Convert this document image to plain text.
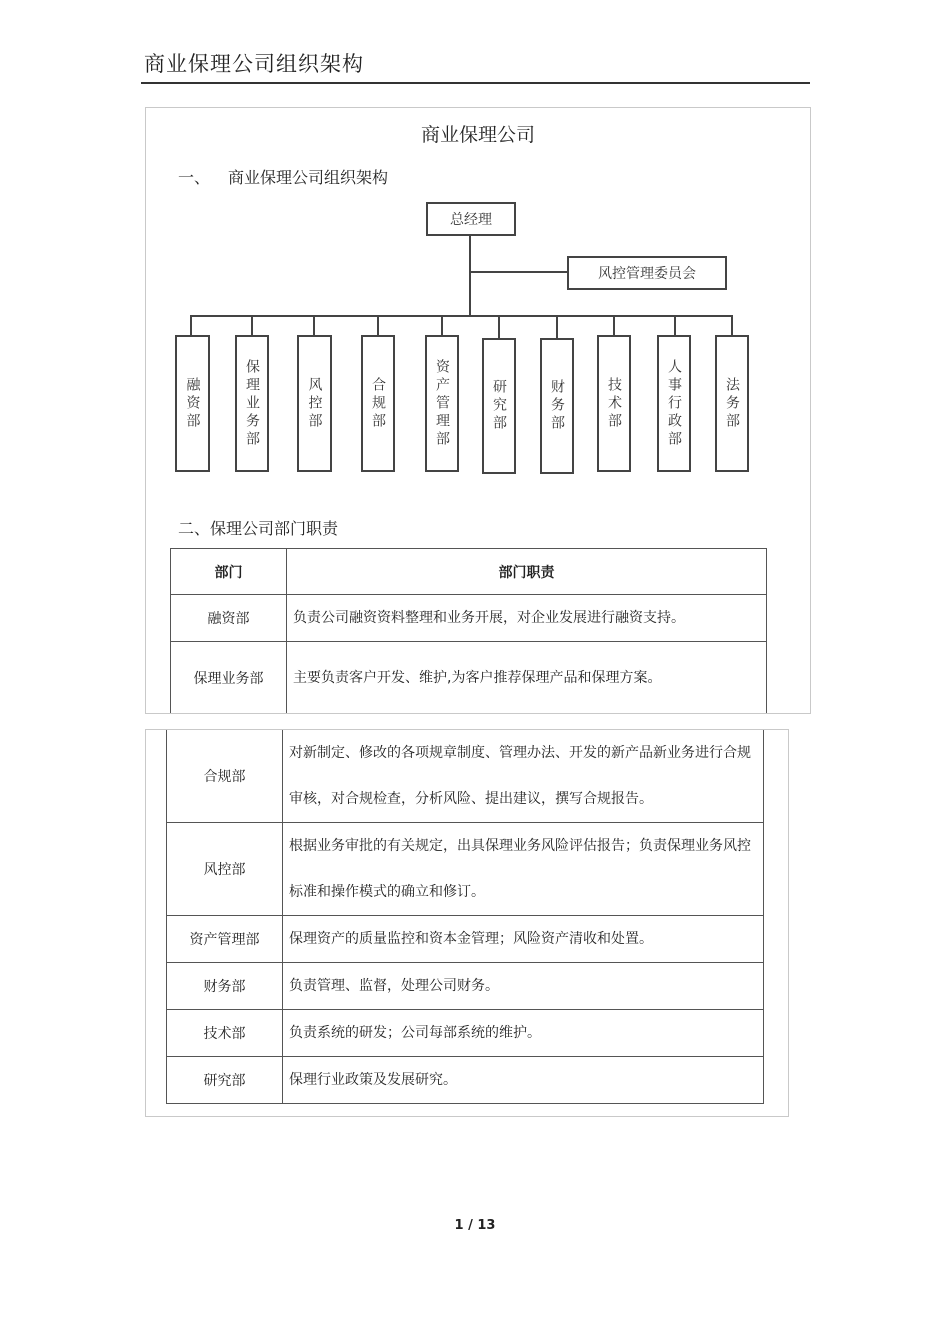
商业保理公司组织架构
商业保理公司
一、 商业保理公司组织架构
总经理
风控管理委员会
融资部	保理业务部	风控部	合规部	资产管理部	研究部	财务部	技术部	人事行政部	法务部
二、保理公司部门职责
部门	部门职责
融资部	负责公司融资资料整理和业务开展，对企业发展进行融资支持。
保理业务部	主要负责客户开发、维护,为客户推荐保理产品和保理方案。
合规部	对新制定、修改的各项规章制度、管理办法、开发的新产品新业务进行合规审核，对合规检查，分析风险、提出建议，撰写合规报告。
风控部	根据业务审批的有关规定，出具保理业务风险评估报告；负责保理业务风控标准和操作模式的确立和修订。
资产管理部	保理资产的质量监控和资本金管理；风险资产清收和处置。
财务部	负责管理、监督，处理公司财务。
技术部	负责系统的研发；公司每部系统的维护。
研究部	保理行业政策及发展研究。
1 / 13
